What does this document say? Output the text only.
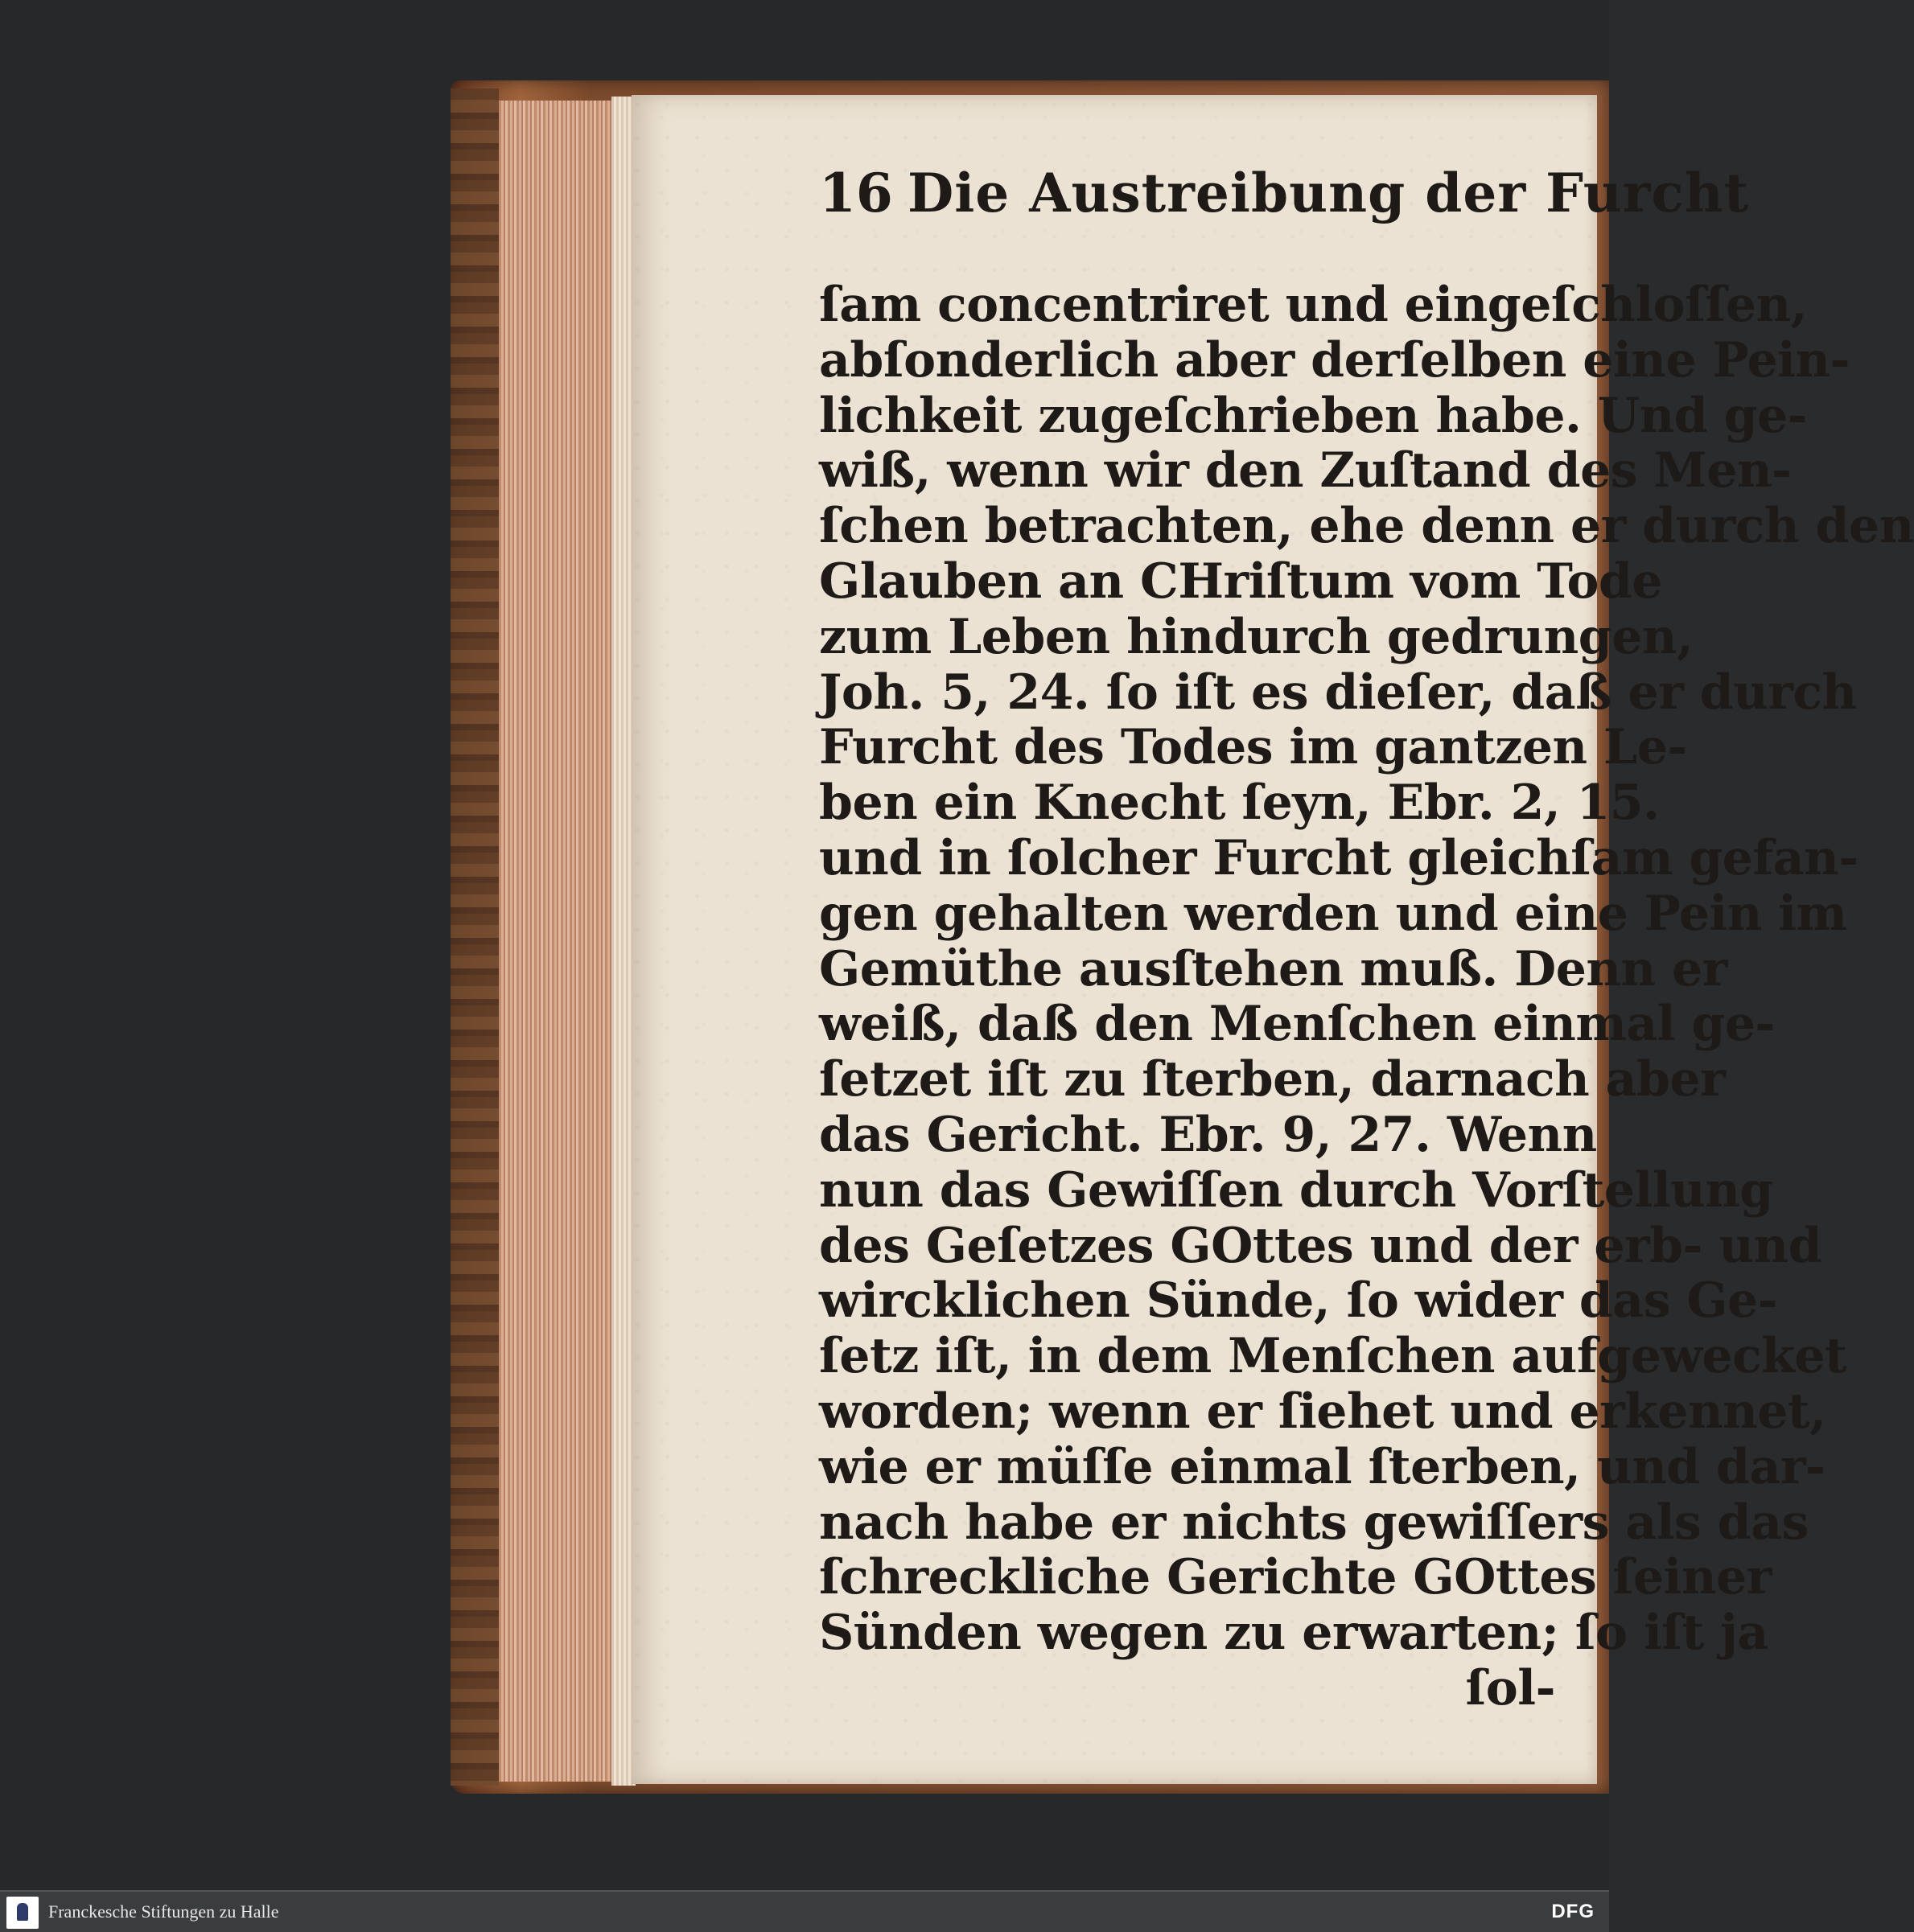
16 Die Austreibung der Furcht
ſam concentriret und eingeſchloſſen,
abſonderlich aber derſelben eine Pein-
lichkeit zugeſchrieben habe. Und ge-
wiß, wenn wir den Zuſtand des Men-
ſchen betrachten, ehe denn er durch den
Glauben an CHriſtum vom Tode
zum Leben hindurch gedrungen,
Joh. 5, 24. ſo iſt es dieſer, daß er durch
Furcht des Todes im gantzen Le-
ben ein Knecht ſeyn, Ebr. 2, 15.
und in ſolcher Furcht gleichſam gefan-
gen gehalten werden und eine Pein im
Gemüthe ausſtehen muß. Denn er
weiß, daß den Menſchen einmal ge-
ſetzet iſt zu ſterben, darnach aber
das Gericht. Ebr. 9, 27. Wenn
nun das Gewiſſen durch Vorſtellung
des Geſetzes GOttes und der erb- und
wircklichen Sünde, ſo wider das Ge-
ſetz iſt, in dem Menſchen aufgewecket
worden; wenn er ſiehet und erkennet,
wie er müſſe einmal ſterben, und dar-
nach habe er nichts gewiſſers als das
ſchreckliche Gerichte GOttes ſeiner
Sünden wegen zu erwarten; ſo iſt ja
ſol-
Franckesche Stiftungen zu Halle	DFG
